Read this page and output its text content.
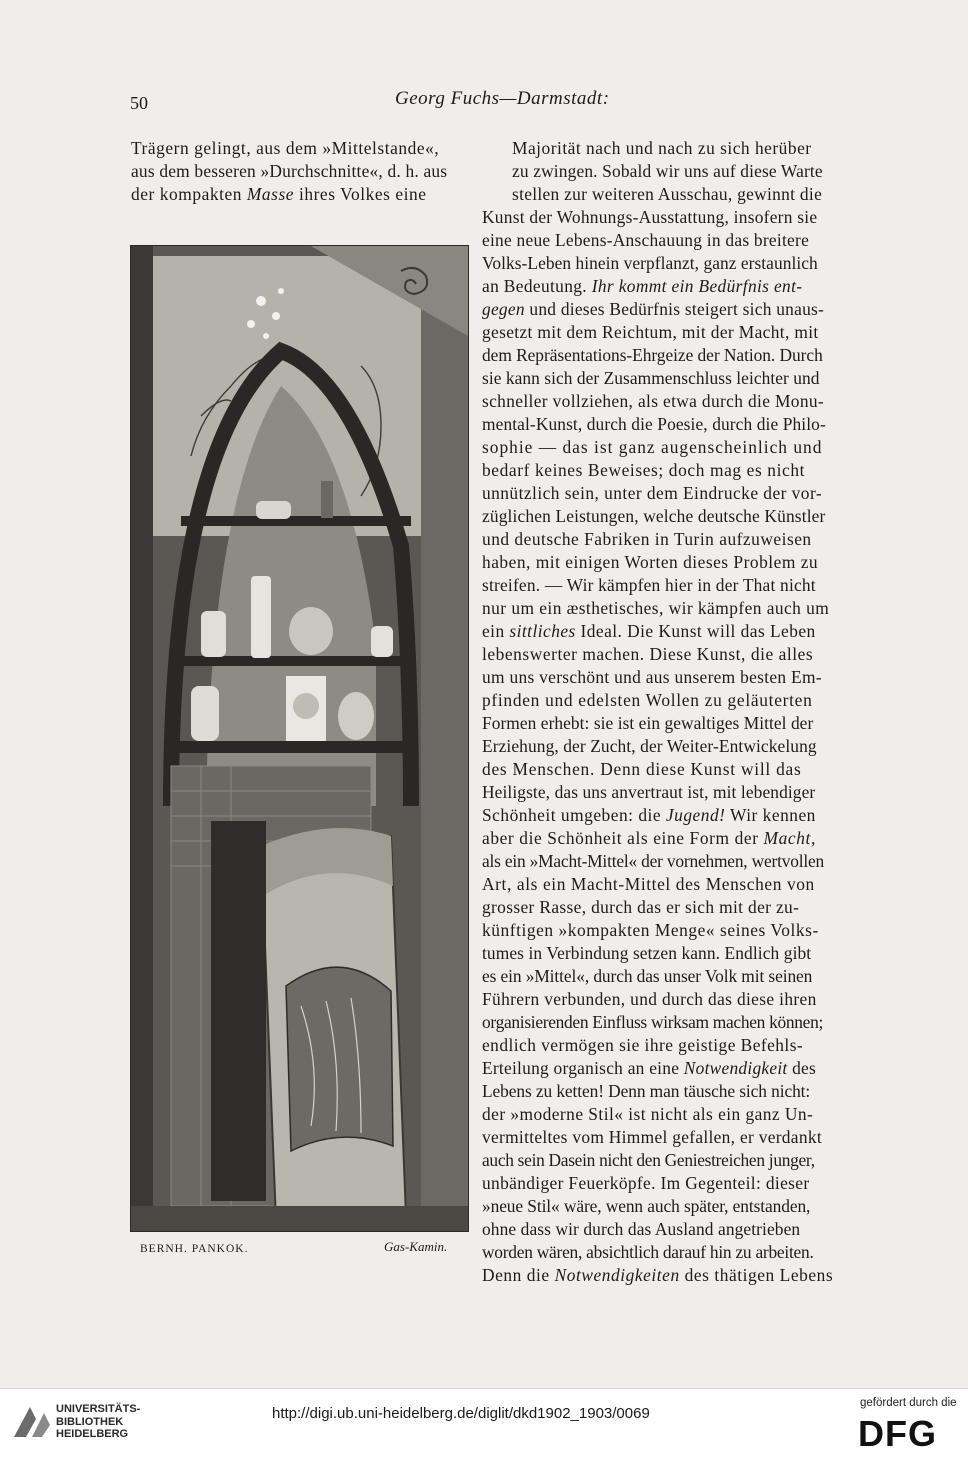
50	Georg Fuchs—Darmstadt:
Trägern gelingt, aus dem »Mittelstande«,
aus dem besseren »Durchschnitte«, d. h. aus
der kompakten Masse ihres Volkes eine
Majorität nach und nach zu sich herüber
zu zwingen. Sobald wir uns auf diese Warte
stellen zur weiteren Ausschau, gewinnt die
Kunst der Wohnungs-Ausstattung, insofern sie
eine neue Lebens-Anschauung in das breitere
Volks-Leben hinein verpflanzt, ganz erstaunlich
an Bedeutung. Ihr kommt ein Bedürfnis ent-
gegen und dieses Bedürfnis steigert sich unaus-
gesetzt mit dem Reichtum, mit der Macht, mit
dem Repräsentations-Ehrgeize der Nation. Durch
sie kann sich der Zusammenschluss leichter und
schneller vollziehen, als etwa durch die Monu-
mental-Kunst, durch die Poesie, durch die Philo-
sophie — das ist ganz augenscheinlich und
bedarf keines Beweises; doch mag es nicht
unnützlich sein, unter dem Eindrucke der vor-
züglichen Leistungen, welche deutsche Künstler
und deutsche Fabriken in Turin aufzuweisen
haben, mit einigen Worten dieses Problem zu
streifen. — Wir kämpfen hier in der That nicht
nur um ein æsthetisches, wir kämpfen auch um
ein sittliches Ideal. Die Kunst will das Leben
lebenswerter machen. Diese Kunst, die alles
um uns verschönt und aus unserem besten Em-
pfinden und edelsten Wollen zu geläuterten
Formen erhebt: sie ist ein gewaltiges Mittel der
Erziehung, der Zucht, der Weiter-Entwickelung
des Menschen. Denn diese Kunst will das
Heiligste, das uns anvertraut ist, mit lebendiger
Schönheit umgeben: die Jugend! Wir kennen
aber die Schönheit als eine Form der Macht,
als ein »Macht-Mittel« der vornehmen, wertvollen
Art, als ein Macht-Mittel des Menschen von
grosser Rasse, durch das er sich mit der zu-
künftigen »kompakten Menge« seines Volks-
tumes in Verbindung setzen kann. Endlich gibt
es ein »Mittel«, durch das unser Volk mit seinen
Führern verbunden, und durch das diese ihren
organisierenden Einfluss wirksam machen können;
endlich vermögen sie ihre geistige Befehls-
Erteilung organisch an eine Notwendigkeit des
Lebens zu ketten! Denn man täusche sich nicht:
der »moderne Stil« ist nicht als ein ganz Un-
vermitteltes vom Himmel gefallen, er verdankt
auch sein Dasein nicht den Geniestreichen junger,
unbändiger Feuerköpfe. Im Gegenteil: dieser
»neue Stil« wäre, wenn auch später, entstanden,
ohne dass wir durch das Ausland angetrieben
worden wären, absichtlich darauf hin zu arbeiten.
Denn die Notwendigkeiten des thätigen Lebens
BERNH. PANKOK.	Gas-Kamin.
UNIVERSITÄTS-
BIBLIOTHEK
HEIDELBERG
http://digi.ub.uni-heidelberg.de/diglit/dkd1902_1903/0069
gefördert durch die
DFG
